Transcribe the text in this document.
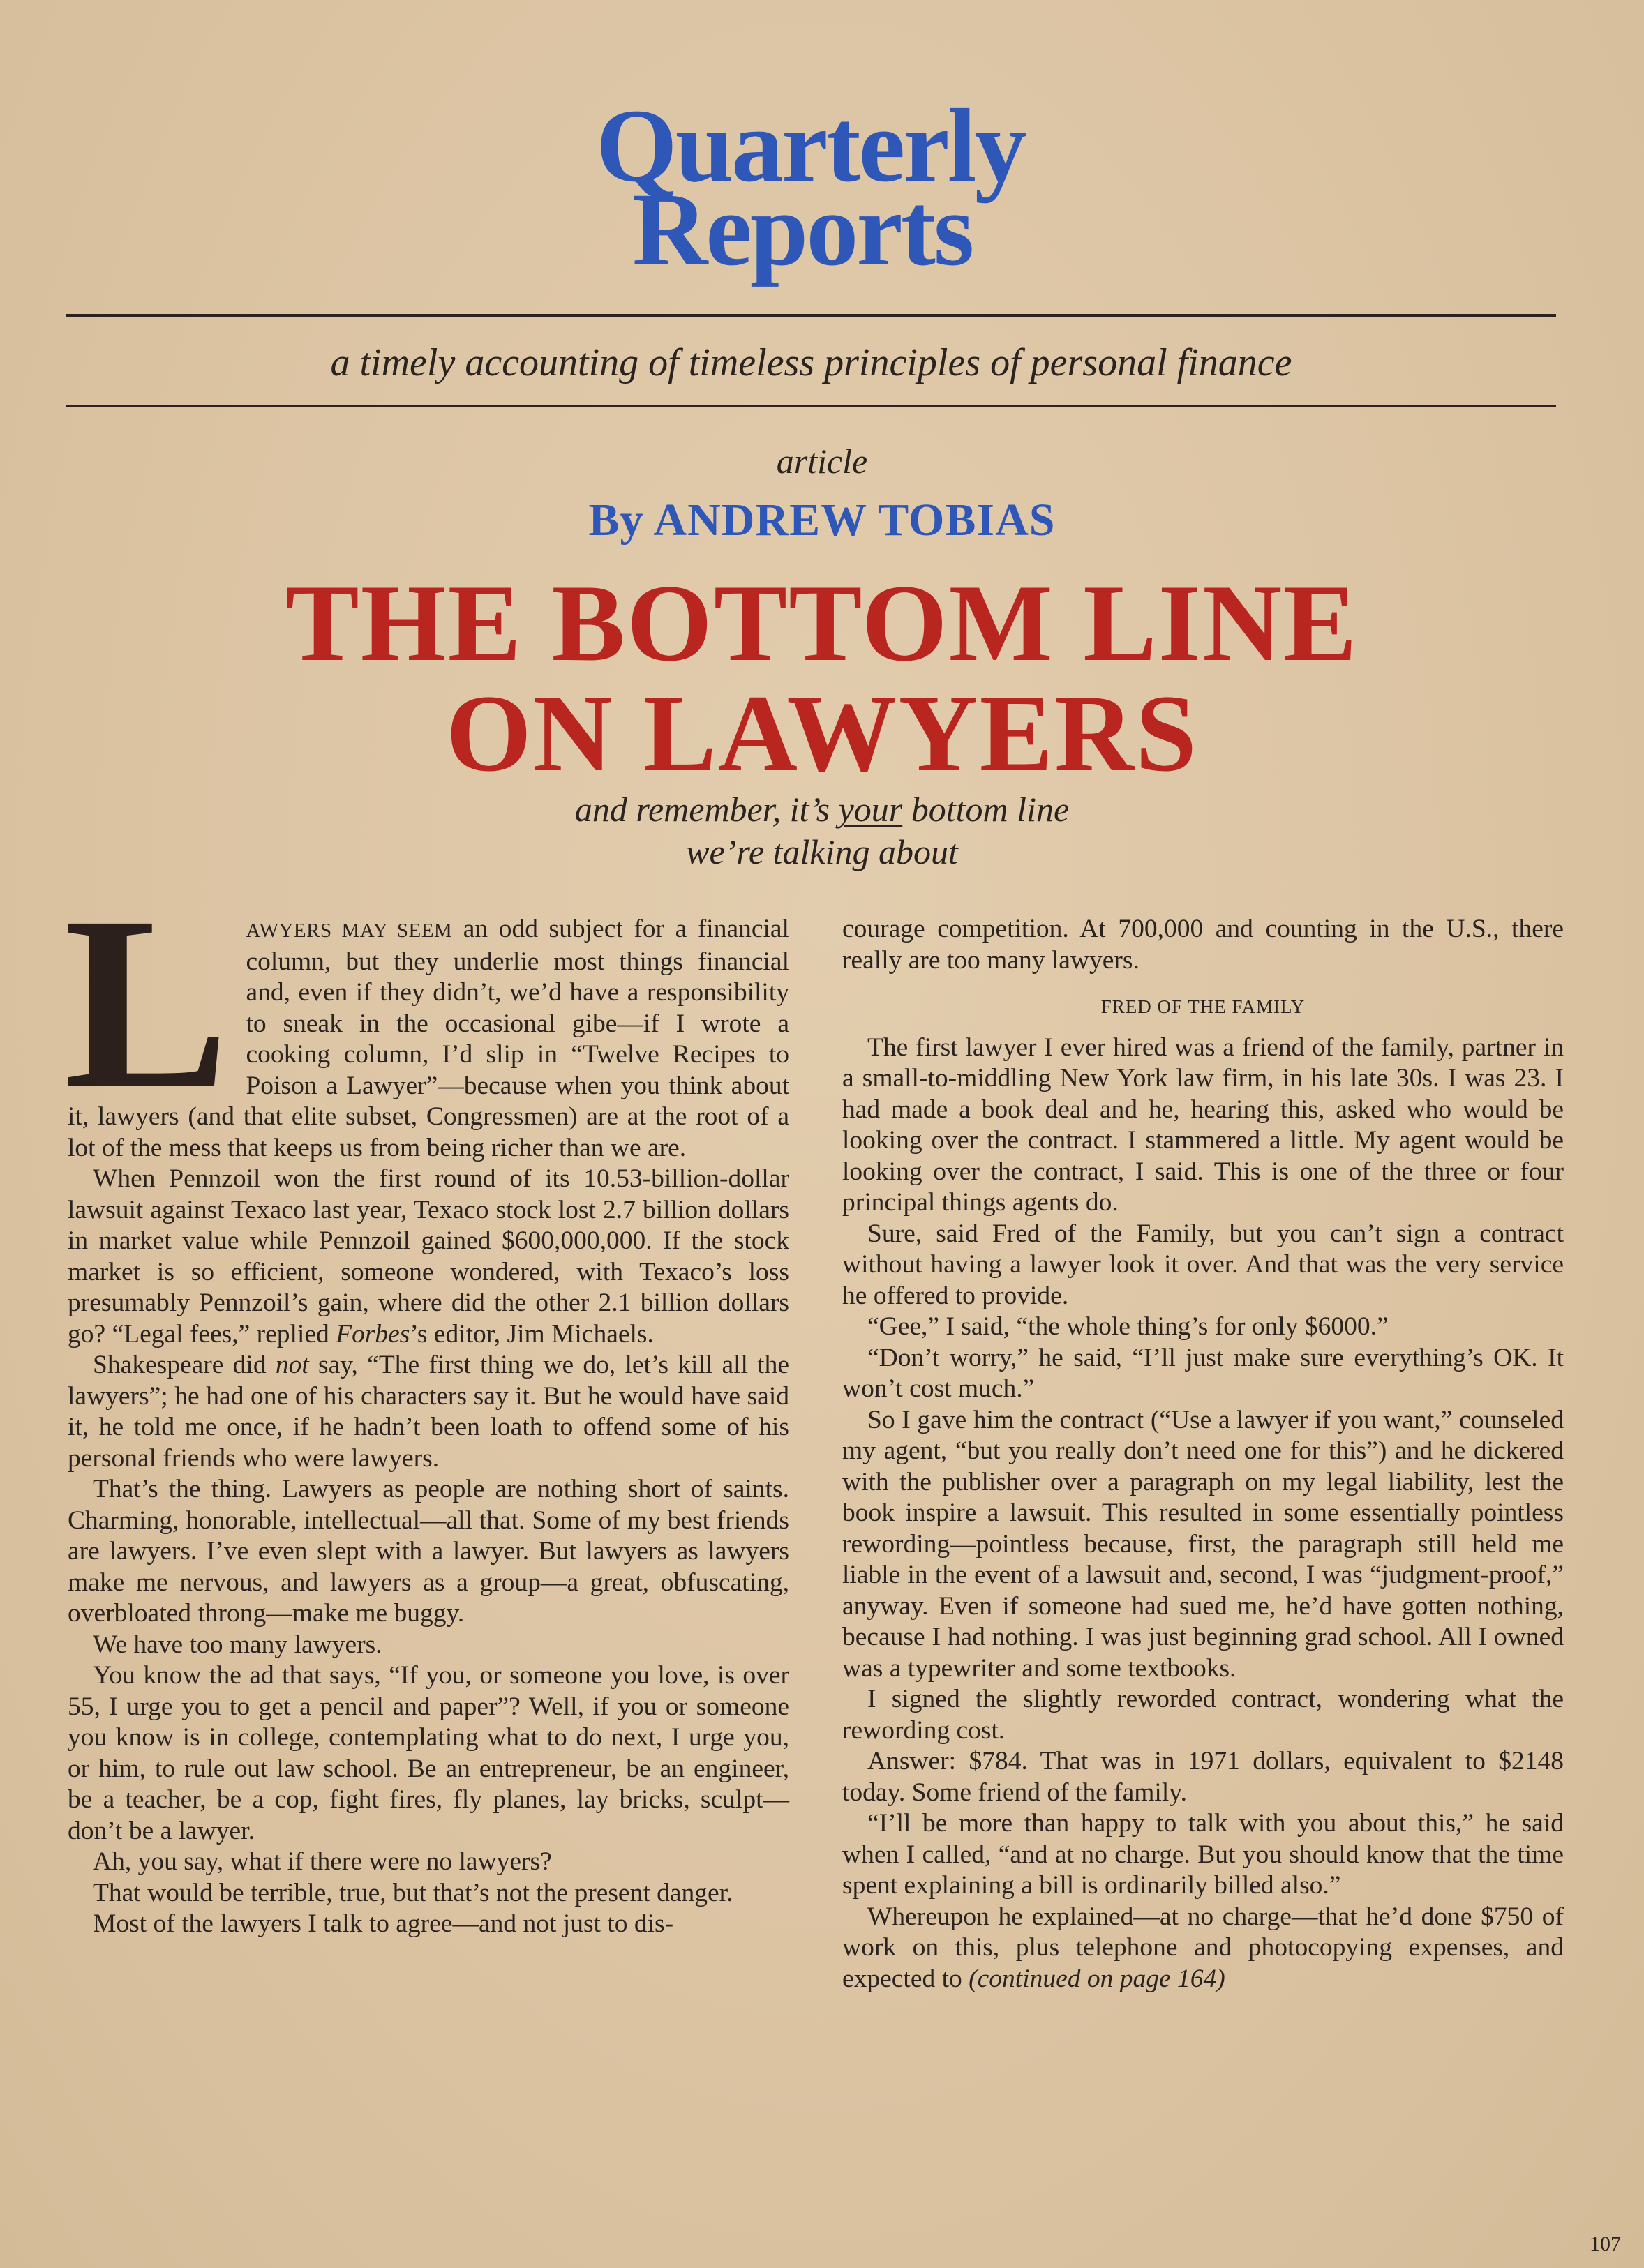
Quarterly
Reports
a timely accounting of timeless principles of personal finance
article
By ANDREW TOBIAS
THE BOTTOM LINE
ON LAWYERS
and remember, it’s your bottom line
we’re talking about

LAWYERS MAY SEEM an odd subject for a financial column, but they underlie most things financial and, even if they didn’t, we’d have a responsibility to sneak in the occasional gibe—if I wrote a cooking column, I’d slip in “Twelve Recipes to Poison a Lawyer”—because when you think about it, lawyers (and that elite subset, Congressmen) are at the root of a lot of the mess that keeps us from being richer than we are.

When Pennzoil won the first round of its 10.53-billion-dollar lawsuit against Texaco last year, Texaco stock lost 2.7 billion dollars in market value while Pennzoil gained $600,000,000. If the stock market is so efficient, someone wondered, with Texaco’s loss presumably Pennzoil’s gain, where did the other 2.1 billion dollars go? “Legal fees,” replied Forbes’s editor, Jim Michaels.

Shakespeare did not say, “The first thing we do, let’s kill all the lawyers”; he had one of his characters say it. But he would have said it, he told me once, if he hadn’t been loath to offend some of his personal friends who were lawyers.

That’s the thing. Lawyers as people are nothing short of saints. Charming, honorable, intellectual—all that. Some of my best friends are lawyers. I’ve even slept with a lawyer. But lawyers as lawyers make me nervous, and lawyers as a group—a great, obfuscating, overbloated throng—make me buggy.

We have too many lawyers.

You know the ad that says, “If you, or someone you love, is over 55, I urge you to get a pencil and paper”? Well, if you or someone you know is in college, contemplating what to do next, I urge you, or him, to rule out law school. Be an entrepreneur, be an engineer, be a teacher, be a cop, fight fires, fly planes, lay bricks, sculpt—don’t be a lawyer.

Ah, you say, what if there were no lawyers?

That would be terrible, true, but that’s not the present danger.

Most of the lawyers I talk to agree—and not just to dis-

courage competition. At 700,000 and counting in the U.S., there really are too many lawyers.

FRED OF THE FAMILY

The first lawyer I ever hired was a friend of the family, partner in a small-to-middling New York law firm, in his late 30s. I was 23. I had made a book deal and he, hearing this, asked who would be looking over the contract. I stammered a little. My agent would be looking over the contract, I said. This is one of the three or four principal things agents do.

Sure, said Fred of the Family, but you can’t sign a contract without having a lawyer look it over. And that was the very service he offered to provide.

“Gee,” I said, “the whole thing’s for only $6000.”

“Don’t worry,” he said, “I’ll just make sure everything’s OK. It won’t cost much.”

So I gave him the contract (“Use a lawyer if you want,” counseled my agent, “but you really don’t need one for this”) and he dickered with the publisher over a paragraph on my legal liability, lest the book inspire a lawsuit. This resulted in some essentially pointless rewording—pointless because, first, the paragraph still held me liable in the event of a lawsuit and, second, I was “judgment-proof,” anyway. Even if someone had sued me, he’d have gotten nothing, because I had nothing. I was just beginning grad school. All I owned was a typewriter and some textbooks.

I signed the slightly reworded contract, wondering what the rewording cost.

Answer: $784. That was in 1971 dollars, equivalent to $2148 today. Some friend of the family.

“I’ll be more than happy to talk with you about this,” he said when I called, “and at no charge. But you should know that the time spent explaining a bill is ordinarily billed also.”

Whereupon he explained—at no charge—that he’d done $750 of work on this, plus telephone and photocopying expenses, and expected to (continued on page 164)

107
